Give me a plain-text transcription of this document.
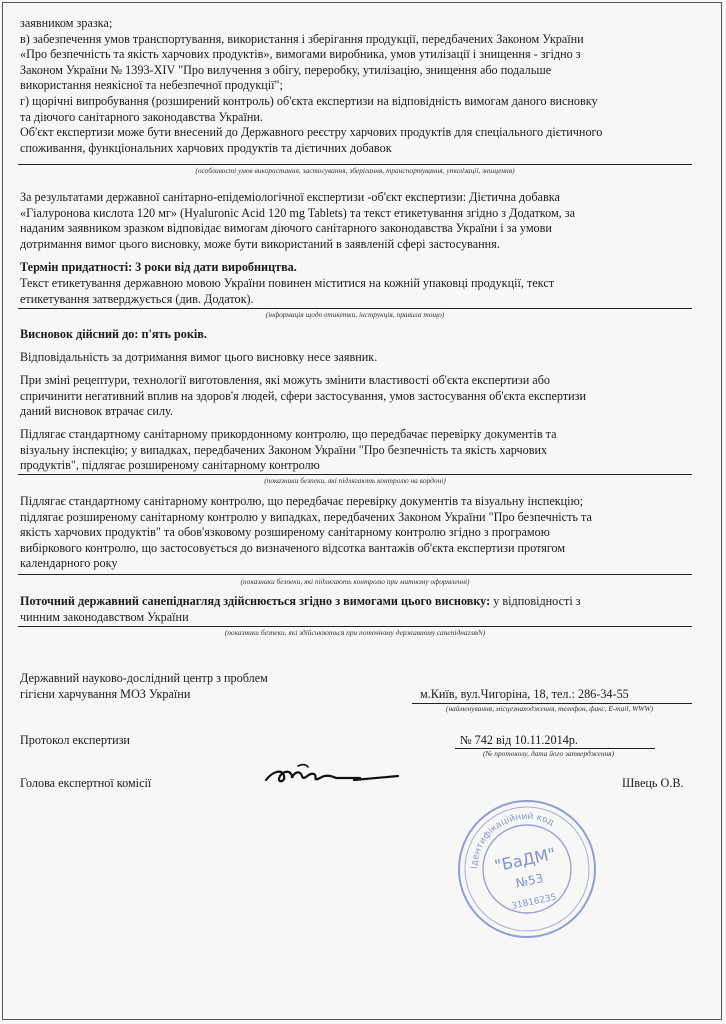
заявником зразка;
в) забезпечення умов транспортування, використання і зберігання продукції, передбачених Законом України
«Про безпечність та якість харчових продуктів», вимогами виробника, умов утилізації і знищення - згідно з
Законом України № 1393-XIV "Про вилучення з обігу, переробку, утилізацію, знищення або подальше
використання неякісної та небезпечної продукції";
г) щорічні випробування (розширений контроль) об'єкта експертизи на відповідність вимогам даного висновку
та діючого санітарного законодавства України.
Об'єкт експертизи може бути внесений до Державного реєстру харчових продуктів для спеціального дієтичного
споживання, функціональних харчових продуктів та дієтичних добавок
(особливості умов використання, застосування, зберігання, транспортування, утилізації, знищення)
За результатами державної санітарно-епідеміологічної експертизи -об'єкт експертизи: Дієтична добавка
«Гіалуронова кислота 120 мг» (Hyaluronic Acid 120 mg Tablets) та текст етикетування згідно з Додатком, за
наданим заявником зразком відповідає вимогам діючого санітарного законодавства України і за умови
дотримання вимог цього висновку, може бути використаний в заявленій сфері застосування.
Термін придатності: 3 роки від дати виробництва.
Текст етикетування державною мовою України повинен міститися на кожній упаковці продукції, текст
етикетування затверджується (див. Додаток).
(інформація щодо етикетки, інструкція, правила тощо)
Висновок дійсний до: п'ять років.
Відповідальність за дотримання вимог цього висновку несе заявник.
При зміні рецептури, технології виготовлення, які можуть змінити властивості об'єкта експертизи або
спричинити негативний вплив на здоров'я людей, сфери застосування, умов застосування об'єкта експертизи
даний висновок втрачає силу.
Підлягає стандартному санітарному прикордонному контролю, що передбачає перевірку документів та
візуальну інспекцію; у випадках, передбачених Законом України "Про безпечність та якість харчових
продуктів", підлягає розширеному санітарному контролю
(показники безпеки, які підлягають контролю на кордоні)
Підлягає стандартному санітарному контролю, що передбачає перевірку документів та візуальну інспекцію;
підлягає розширеному санітарному контролю у випадках, передбачених Законом України "Про безпечність та
якість харчових продуктів" та обов'язковому розширеному санітарному контролю згідно з програмою
вибіркового контролю, що застосовується до визначеного відсотка вантажів об'єкта експертизи протягом
календарного року
(показники безпеки, які підлягають контролю при митному оформленні)
Поточний державний санепіднагляд здійснюється згідно з вимогами цього висновку: у відповідності з
чинним законодавством України
(показники безпеки, які здійснюються при поточному державному санепіднагляді)
Державний науково-дослідний центр з проблем
гігієни харчування МОЗ України	м.Київ, вул.Чигоріна, 18, тел.: 286-34-55
(найменування, місцезнаходження, телефон, факс, E-mail, WWW)
Протокол експертизи	№ 742 від 10.11.2014р.
(№ протоколу, дата його затвердження)
Голова експертної комісії	Швець О.В.
Ідентифікаційний код
"БаДМ"
№53
31816235
